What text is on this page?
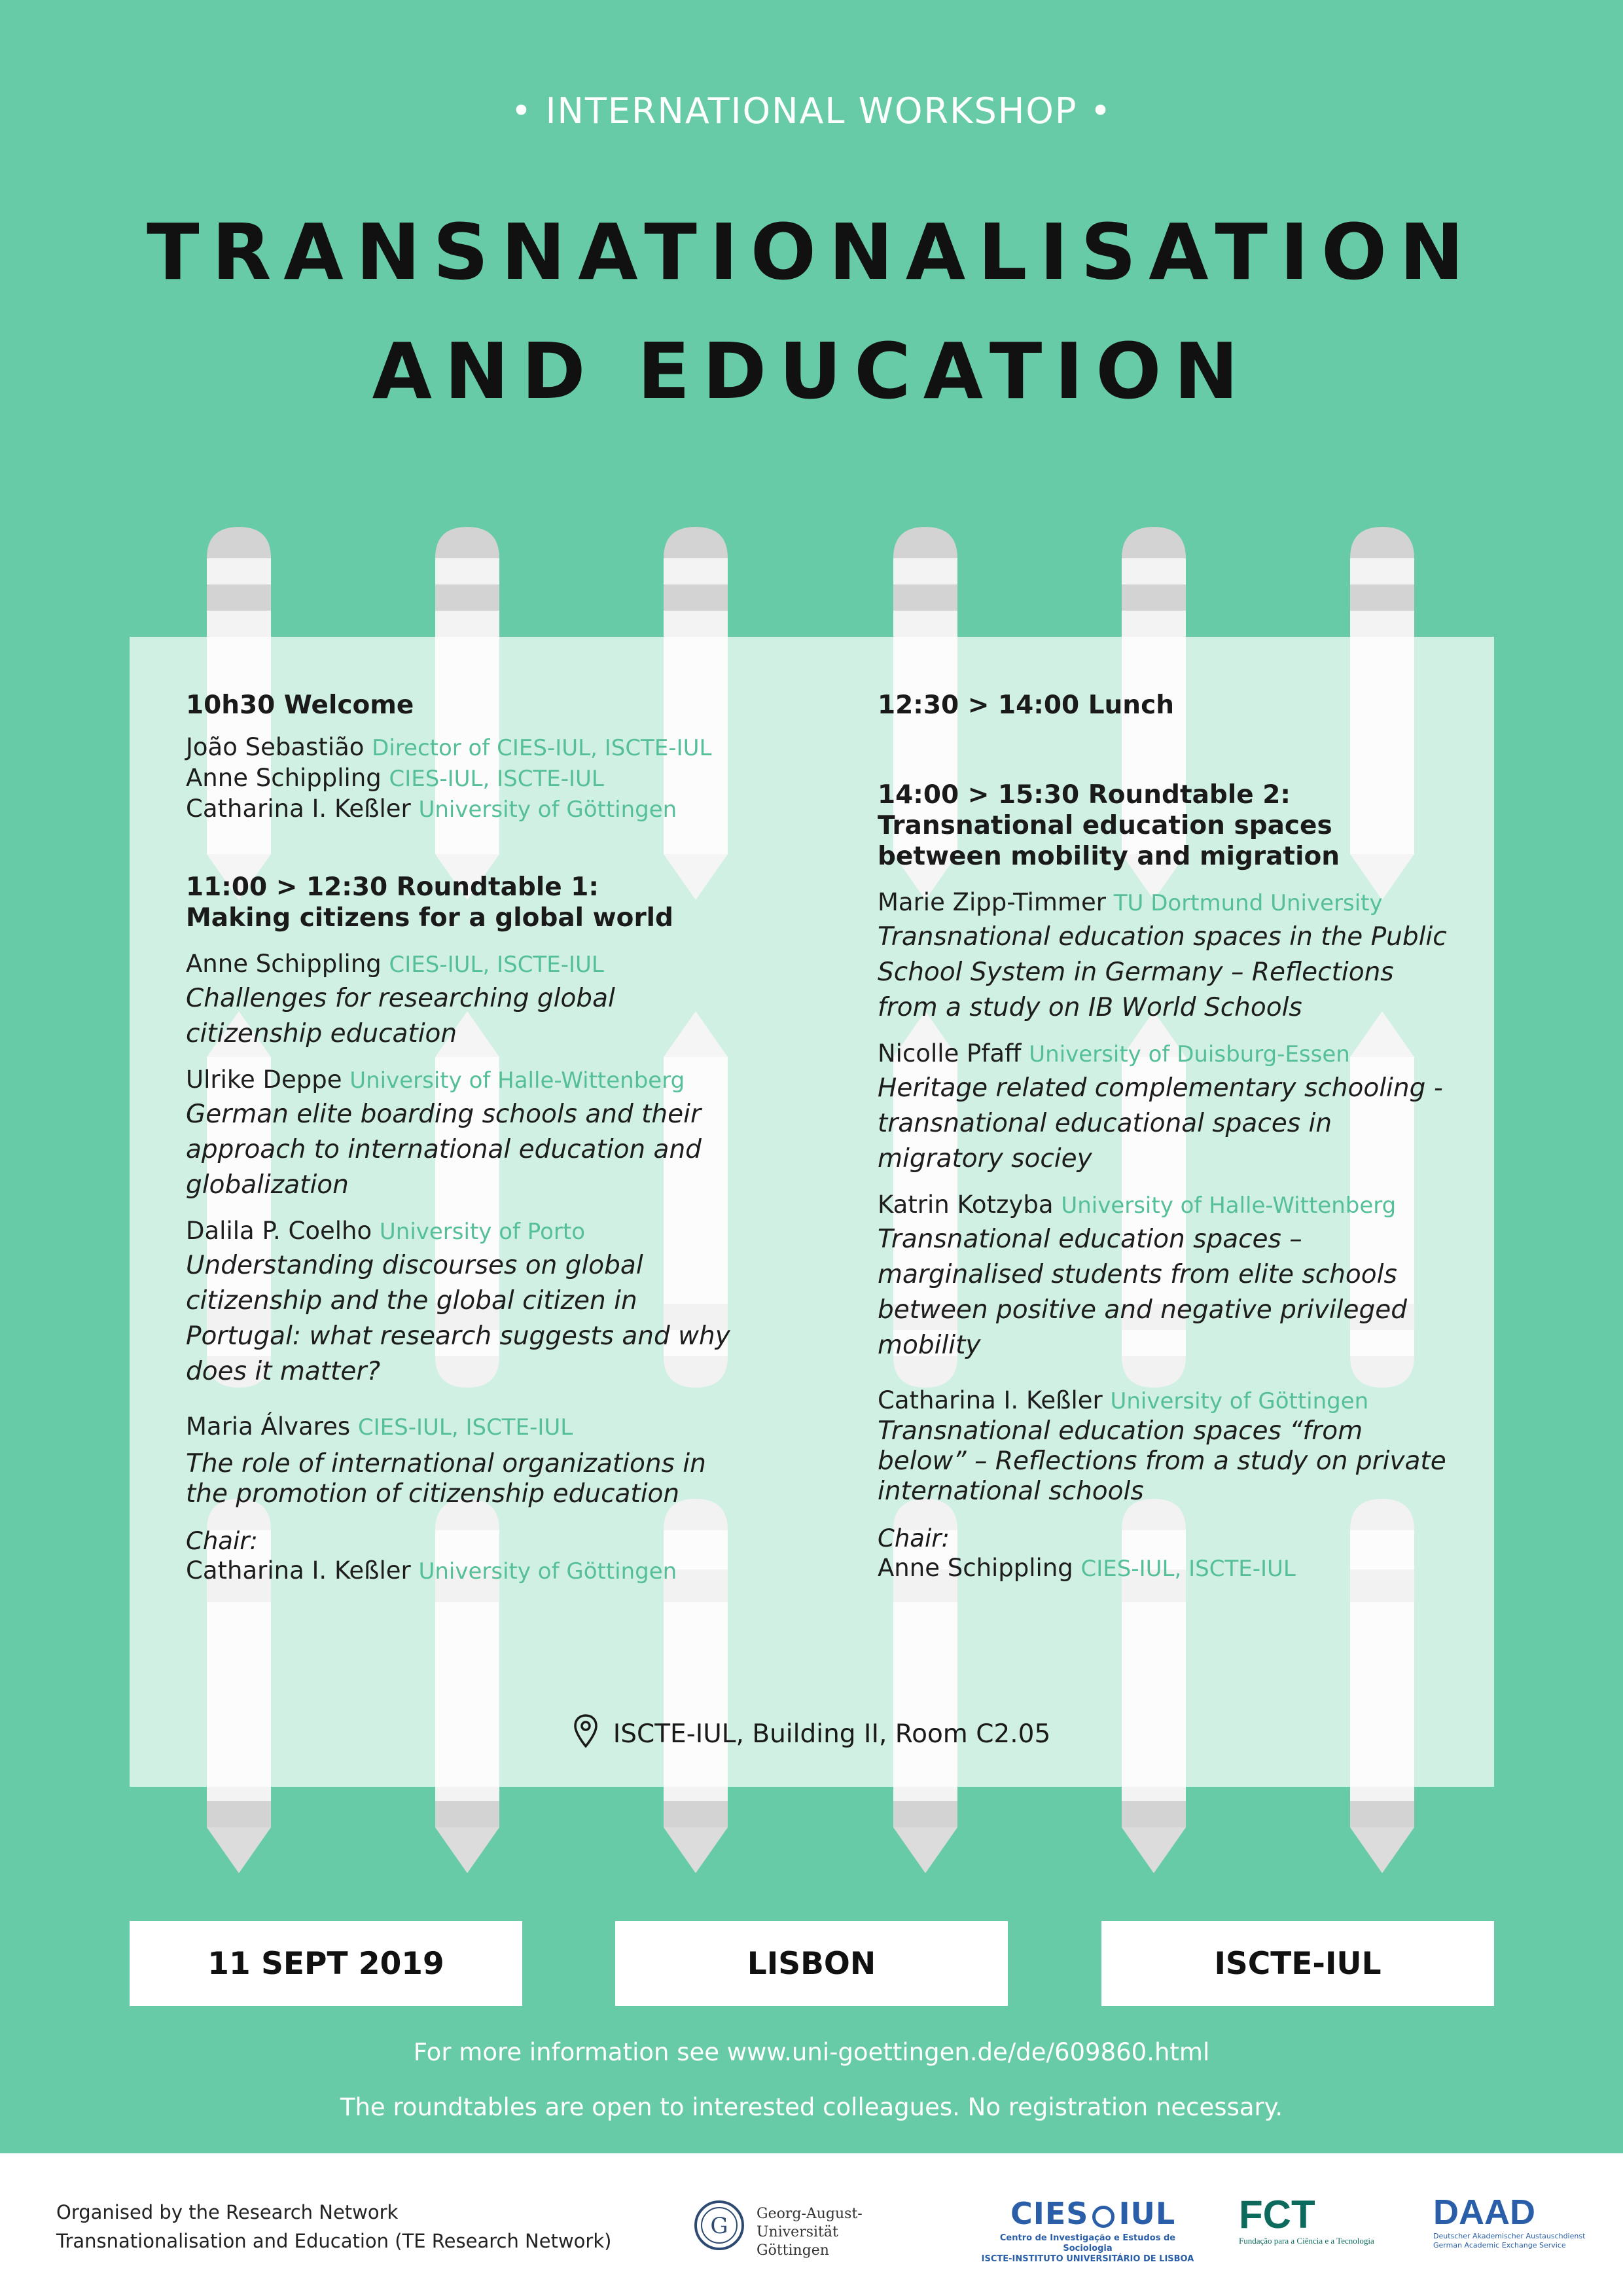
• INTERNATIONAL WORKSHOP •
TRANSNATIONALISATION
AND EDUCATION
10h30 Welcome
João Sebastião Director of CIES-IUL, ISCTE-IUL
Anne Schippling CIES-IUL, ISCTE-IUL
Catharina I. Keßler University of Göttingen
11:00 > 12:30 Roundtable 1:
Making citizens for a global world
Anne Schippling CIES-IUL, ISCTE-IUL
Challenges for researching global citizenship education
Ulrike Deppe University of Halle-Wittenberg
German elite boarding schools and their approach to international education and globalization
Dalila P. Coelho University of Porto
Understanding discourses on global citizenship and the global citizen in Portugal: what research suggests and why does it matter?
Maria Álvares CIES-IUL, ISCTE-IUL
The role of international organizations in the promotion of citizenship education
Chair:
Catharina I. Keßler University of Göttingen
12:30 > 14:00 Lunch
14:00 > 15:30 Roundtable 2:
Transnational education spaces
between mobility and migration
Marie Zipp-Timmer TU Dortmund University
Transnational education spaces in the Public School System in Germany – Reflections from a study on IB World Schools
Nicolle Pfaff University of Duisburg-Essen
Heritage related complementary schooling - transnational educational spaces in migratory sociey
Katrin Kotzyba University of Halle-Wittenberg
Transnational education spaces – marginalised students from elite schools between positive and negative privileged mobility
Catharina I. Keßler University of Göttingen
Transnational education spaces “from below” – Reflections from a study on private international schools
Chair:
Anne Schippling CIES-IUL, ISCTE-IUL
ISCTE-IUL, Building II, Room C2.05
11 SEPT 2019	LISBON	ISCTE-IUL
For more information see www.uni-goettingen.de/de/609860.html
The roundtables are open to interested colleagues. No registration necessary.
Organised by the Research Network
Transnationalisation and Education (TE Research Network)
G Georg-August-Universität
Göttingen
CIES IUL
Centro de Investigação e Estudos de Sociologia
ISCTE-INSTITUTO UNIVERSITÁRIO DE LISBOA
FCT
Fundação para a Ciência e a Tecnologia
DAAD
Deutscher Akademischer Austauschdienst
German Academic Exchange Service
